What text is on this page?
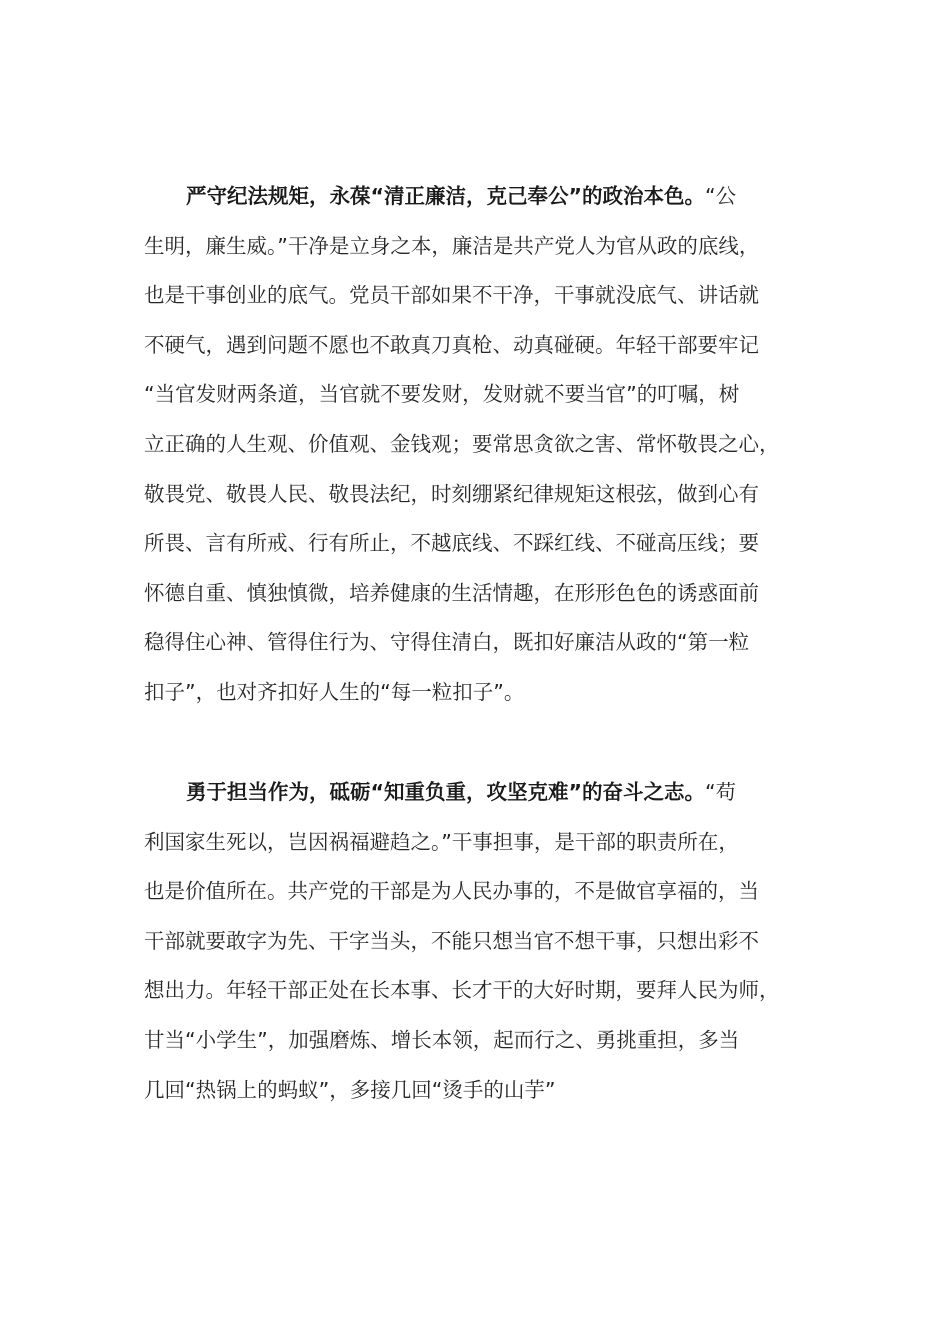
严守纪法规矩，永葆“清正廉洁，克己奉公”的政治本色。“公
生明，廉生威。”干净是立身之本，廉洁是共产党人为官从政的底线，
也是干事创业的底气。党员干部如果不干净，干事就没底气、讲话就
不硬气，遇到问题不愿也不敢真刀真枪、动真碰硬。年轻干部要牢记
“当官发财两条道，当官就不要发财，发财就不要当官”的叮嘱，树
立正确的人生观、价值观、金钱观；要常思贪欲之害、常怀敬畏之心，
敬畏党、敬畏人民、敬畏法纪，时刻绷紧纪律规矩这根弦，做到心有
所畏、言有所戒、行有所止，不越底线、不踩红线、不碰高压线；要
怀德自重、慎独慎微，培养健康的生活情趣，在形形色色的诱惑面前
稳得住心神、管得住行为、守得住清白，既扣好廉洁从政的“第一粒
扣子”，也对齐扣好人生的“每一粒扣子”。
勇于担当作为，砥砺“知重负重，攻坚克难”的奋斗之志。“苟
利国家生死以，岂因祸福避趋之。”干事担事，是干部的职责所在，
也是价值所在。共产党的干部是为人民办事的，不是做官享福的，当
干部就要敢字为先、干字当头，不能只想当官不想干事，只想出彩不
想出力。年轻干部正处在长本事、长才干的大好时期，要拜人民为师，
甘当“小学生”，加强磨炼、增长本领，起而行之、勇挑重担，多当
几回“热锅上的蚂蚁”，多接几回“烫手的山芋”
